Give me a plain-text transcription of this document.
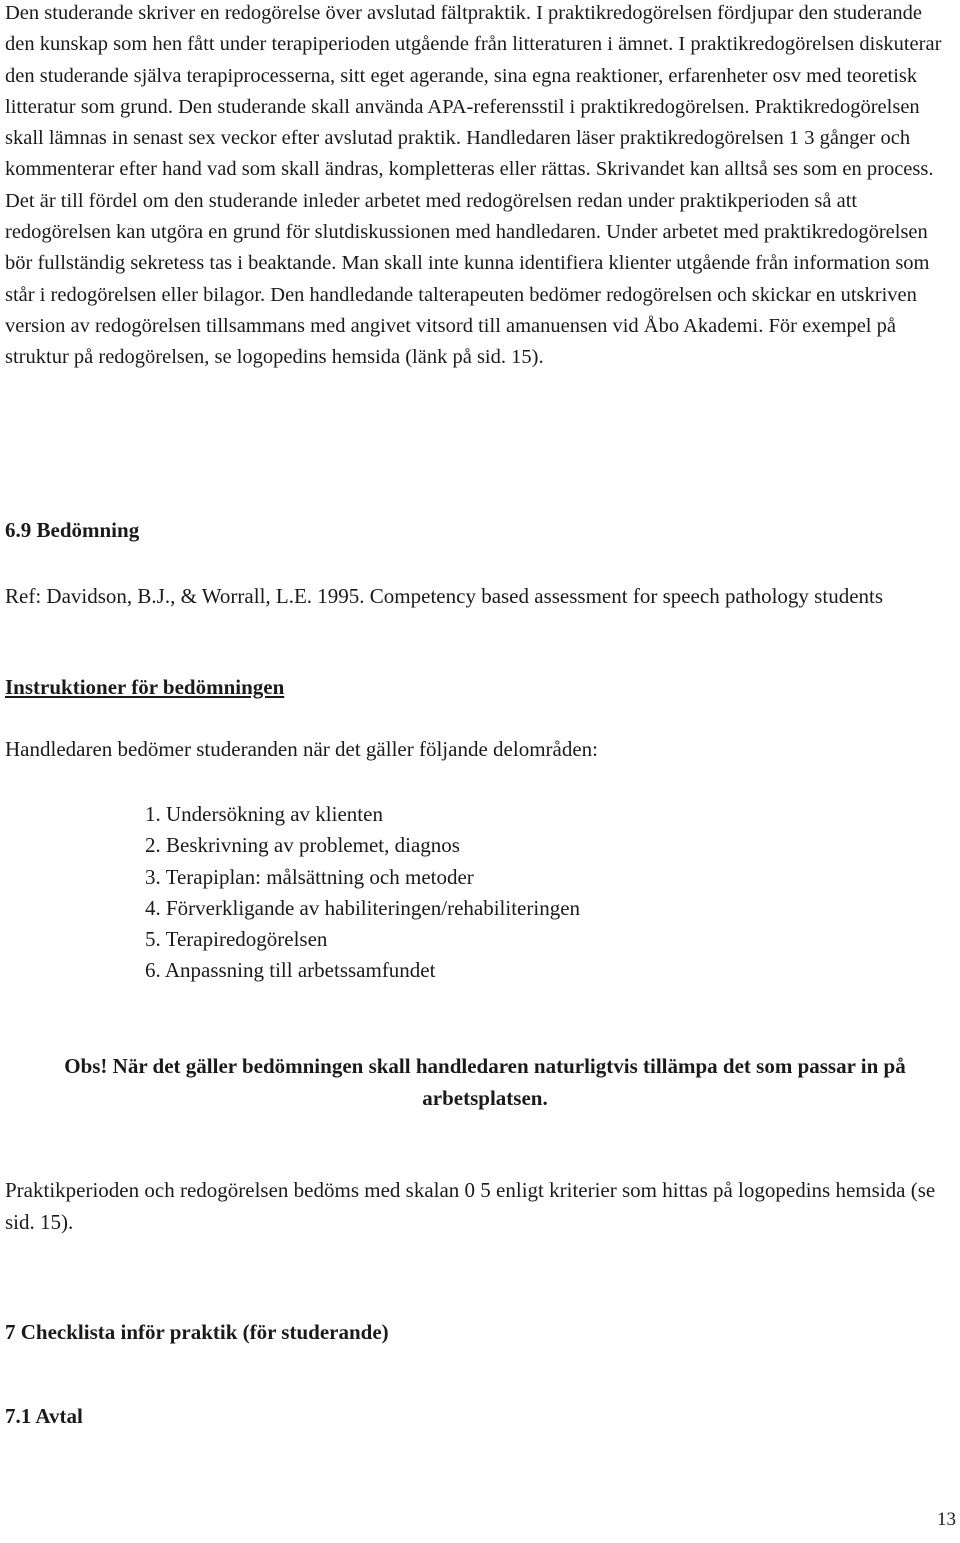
Den studerande skriver en redogörelse över avslutad fältpraktik. I praktikredogörelsen fördjupar den studerande den kunskap som hen fått under terapiperioden utgående från litteraturen i ämnet. I praktikredogörelsen diskuterar den studerande själva terapiprocesserna, sitt eget agerande, sina egna reaktioner, erfarenheter osv med teoretisk litteratur som grund. Den studerande skall använda APA-referensstil i praktikredogörelsen. Praktikredogörelsen skall lämnas in senast sex veckor efter avslutad praktik. Handledaren läser praktikredogörelsen 1 3 gånger och kommenterar efter hand vad som skall ändras, kompletteras eller rättas. Skrivandet kan alltså ses som en process. Det är till fördel om den studerande inleder arbetet med redogörelsen redan under praktikperioden så att redogörelsen kan utgöra en grund för slutdiskussionen med handledaren. Under arbetet med praktikredogörelsen bör fullständig sekretess tas i beaktande. Man skall inte kunna identifiera klienter utgående från information som står i redogörelsen eller bilagor. Den handledande talterapeuten bedömer redogörelsen och skickar en utskriven version av redogörelsen tillsammans med angivet vitsord till amanuensen vid Åbo Akademi. För exempel på struktur på redogörelsen, se logopedins hemsida (länk på sid. 15).

6.9 Bedömning

Ref: Davidson, B.J., & Worrall, L.E. 1995. Competency based assessment for speech pathology students

Instruktioner för bedömningen

Handledaren bedömer studeranden när det gäller följande delområden:

1. Undersökning av klienten
2. Beskrivning av problemet, diagnos
3. Terapiplan: målsättning och metoder
4. Förverkligande av habiliteringen/rehabiliteringen
5. Terapiredogörelsen
6. Anpassning till arbetssamfundet

Obs! När det gäller bedömningen skall handledaren naturligtvis tillämpa det som passar in på arbetsplatsen.

Praktikperioden och redogörelsen bedöms med skalan 0 5 enligt kriterier som hittas på logopedins hemsida (se sid. 15).

7 Checklista inför praktik (för studerande)
7.1 Avtal

13
